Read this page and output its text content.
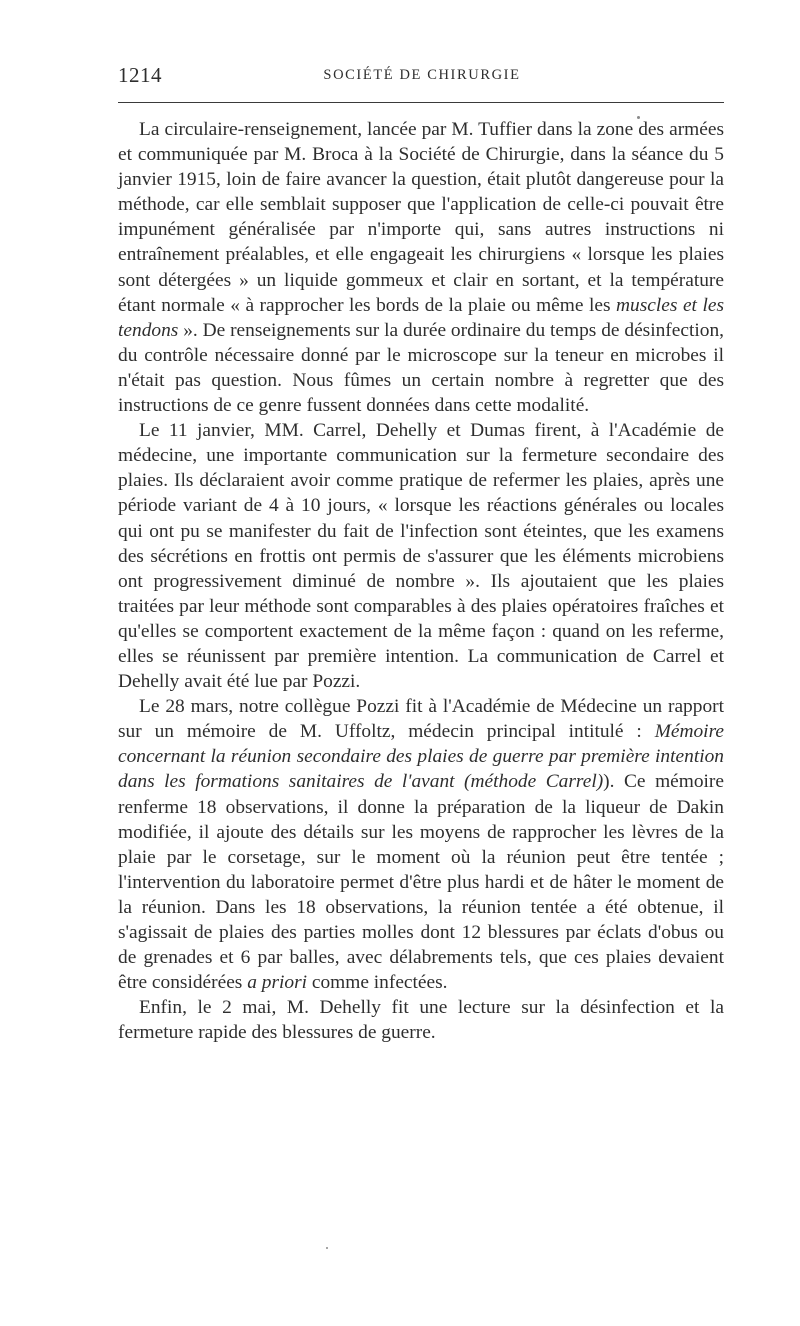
1214	SOCIÉTÉ DE CHIRURGIE

La circulaire-renseignement, lancée par M. Tuffier dans la zone des armées et communiquée par M. Broca à la Société de Chirurgie, dans la séance du 5 janvier 1915, loin de faire avancer la question, était plutôt dangereuse pour la méthode, car elle semblait supposer que l'application de celle-ci pouvait être impunément généralisée par n'importe qui, sans autres instructions ni entraînement préalables, et elle engageait les chirurgiens « lorsque les plaies sont détergées » un liquide gommeux et clair en sortant, et la température étant normale « à rapprocher les bords de la plaie ou même les muscles et les tendons ». De renseignements sur la durée ordinaire du temps de désinfection, du contrôle nécessaire donné par le microscope sur la teneur en microbes il n'était pas question. Nous fûmes un certain nombre à regretter que des instructions de ce genre fussent données dans cette modalité.

Le 11 janvier, MM. Carrel, Dehelly et Dumas firent, à l'Académie de médecine, une importante communication sur la fermeture secondaire des plaies. Ils déclaraient avoir comme pratique de refermer les plaies, après une période variant de 4 à 10 jours, « lorsque les réactions générales ou locales qui ont pu se manifester du fait de l'infection sont éteintes, que les examens des sécrétions en frottis ont permis de s'assurer que les éléments microbiens ont progressivement diminué de nombre ». Ils ajoutaient que les plaies traitées par leur méthode sont comparables à des plaies opératoires fraîches et qu'elles se comportent exactement de la même façon : quand on les referme, elles se réunissent par première intention. La communication de Carrel et Dehelly avait été lue par Pozzi.

Le 28 mars, notre collègue Pozzi fit à l'Académie de Médecine un rapport sur un mémoire de M. Uffoltz, médecin principal intitulé : Mémoire concernant la réunion secondaire des plaies de guerre par première intention dans les formations sanitaires de l'avant (méthode Carrel)). Ce mémoire renferme 18 observations, il donne la préparation de la liqueur de Dakin modifiée, il ajoute des détails sur les moyens de rapprocher les lèvres de la plaie par le corsetage, sur le moment où la réunion peut être tentée ; l'intervention du laboratoire permet d'être plus hardi et de hâter le moment de la réunion. Dans les 18 observations, la réunion tentée a été obtenue, il s'agissait de plaies des parties molles dont 12 blessures par éclats d'obus ou de grenades et 6 par balles, avec délabrements tels, que ces plaies devaient être considérées a priori comme infectées.

Enfin, le 2 mai, M. Dehelly fit une lecture sur la désinfection et la fermeture rapide des blessures de guerre.
